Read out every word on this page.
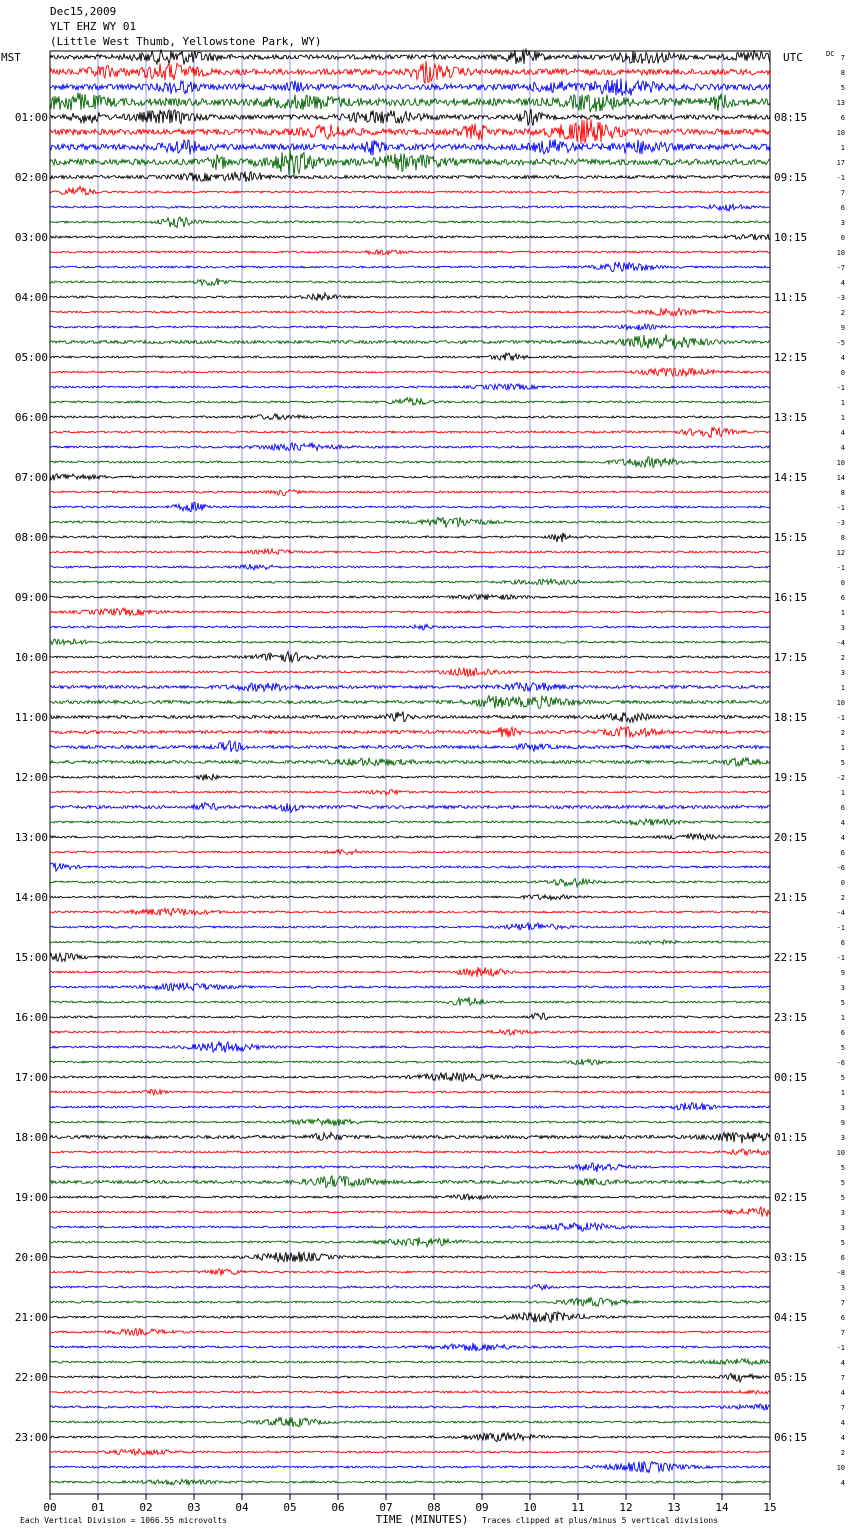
Dec15,2009
YLT EHZ WY 01
(Little West Thumb, Yellowstone Park, WY)
7
8
5
13
6
10
1
17
-1
7
6
3
0
10
-7
4
-3
2
9
-5
4
0
-1
1
1
4
4
10
14
8
-1
-3
8
12
-1
0
6
1
3
-4
2
3
1
10
-1
2
1
5
-2
1
6
4
4
6
-6
0
2
-4
-1
6
-1
9
3
5
1
6
5
-6
5
1
3
9
3
10
5
5
5
3
3
5
6
-8
3
7
6
7
-1
4
7
4
7
4
4
2
10
4
MST	UTC	DC
01:00
02:00
03:00
04:00
05:00
06:00
07:00
08:00
09:00
10:00
11:00
12:00
13:00
14:00
15:00
16:00
17:00
18:00
19:00
20:00
21:00
22:00
23:00
08:15
09:15
10:15
11:15
12:15
13:15
14:15
15:15
16:15
17:15
18:15
19:15
20:15
21:15
22:15
23:15
00:15
01:15
02:15
03:15
04:15
05:15
06:15
00	01	02	03	04	05	06	07	08	09	10	11	12	13	14	15
TIME (MINUTES)
Each Vertical Division = 1066.55 microvolts	Traces clipped at plus/minus 5 vertical divisions
